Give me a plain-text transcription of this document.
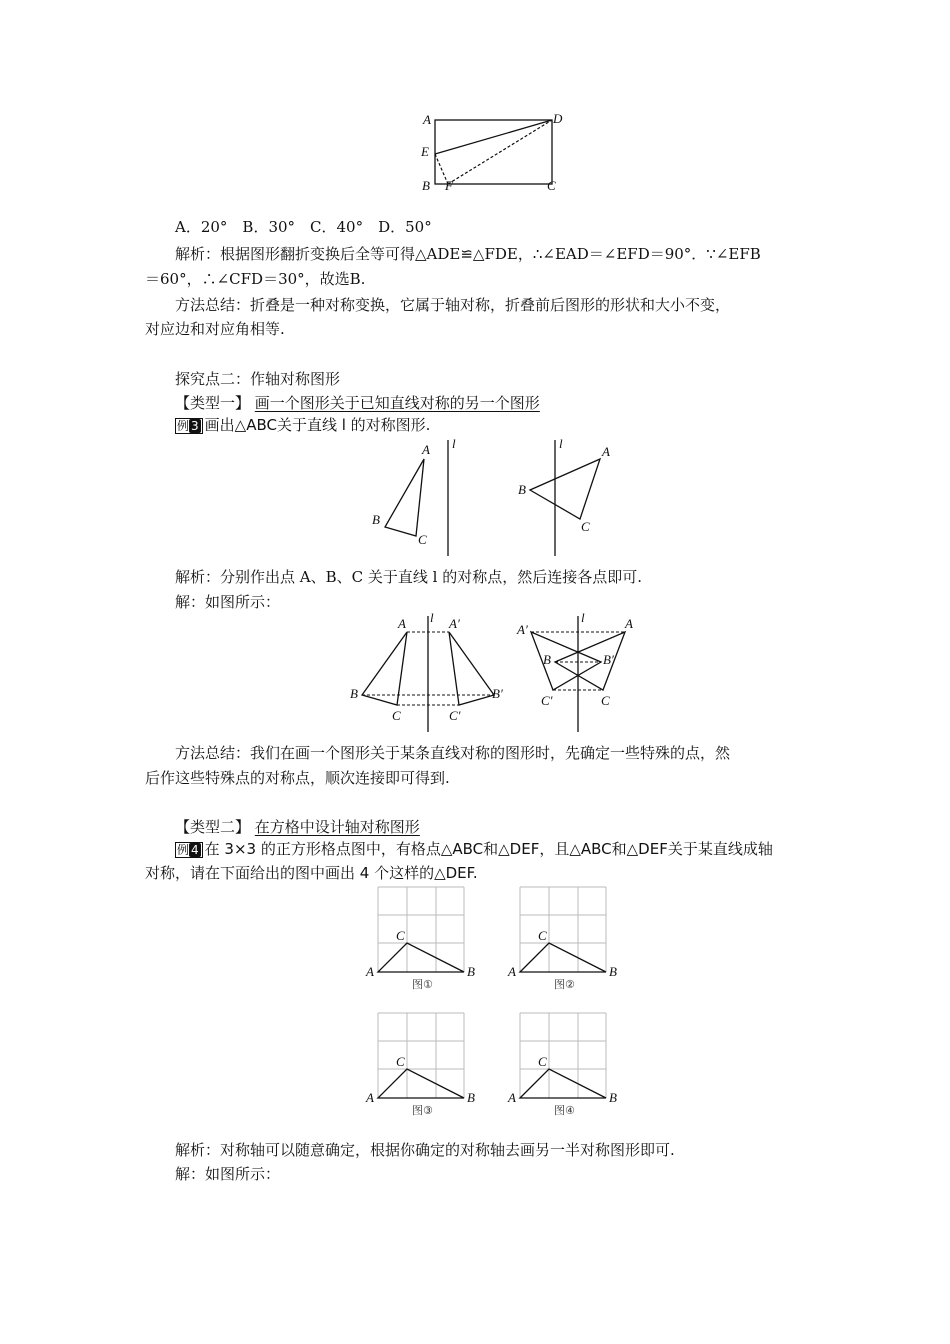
A	D
E
B F	C
A．20°　B．30°　C．40°　D．50°
解析：根据图形翻折变换后全等可得△ADE≌△FDE，∴∠EAD＝∠EFD＝90°．∵∠EFB
＝60°，∴∠CFD＝30°，故选B.
方法总结：折叠是一种对称变换，它属于轴对称，折叠前后图形的形状和大小不变，
对应边和对应角相等.
探究点二：作轴对称图形
【类型一】 画一个图形关于已知直线对称的另一个图形
例 3 画出△ABC关于直线 l 的对称图形.
l
A
B
C
l
A
B
C
解析：分别作出点 A、B、C 关于直线 l 的对称点，然后连接各点即可.
解：如图所示：
l
A	A′
B	B′
C	C′
l
A′	A
B	B′
C′	C
方法总结：我们在画一个图形关于某条直线对称的图形时，先确定一些特殊的点，然
后作这些特殊点的对称点，顺次连接即可得到.
【类型二】 在方格中设计轴对称图形
例 4 在 3×3 的正方形格点图中，有格点△ABC和△DEF，且△ABC和△DEF关于某直线成轴
对称，请在下面给出的图中画出 4 个这样的△DEF.
A
C
B
图①
A
C
B
图②
A
C
B
图③
A
C
B
图④
解析：对称轴可以随意确定，根据你确定的对称轴去画另一半对称图形即可.
解：如图所示：
